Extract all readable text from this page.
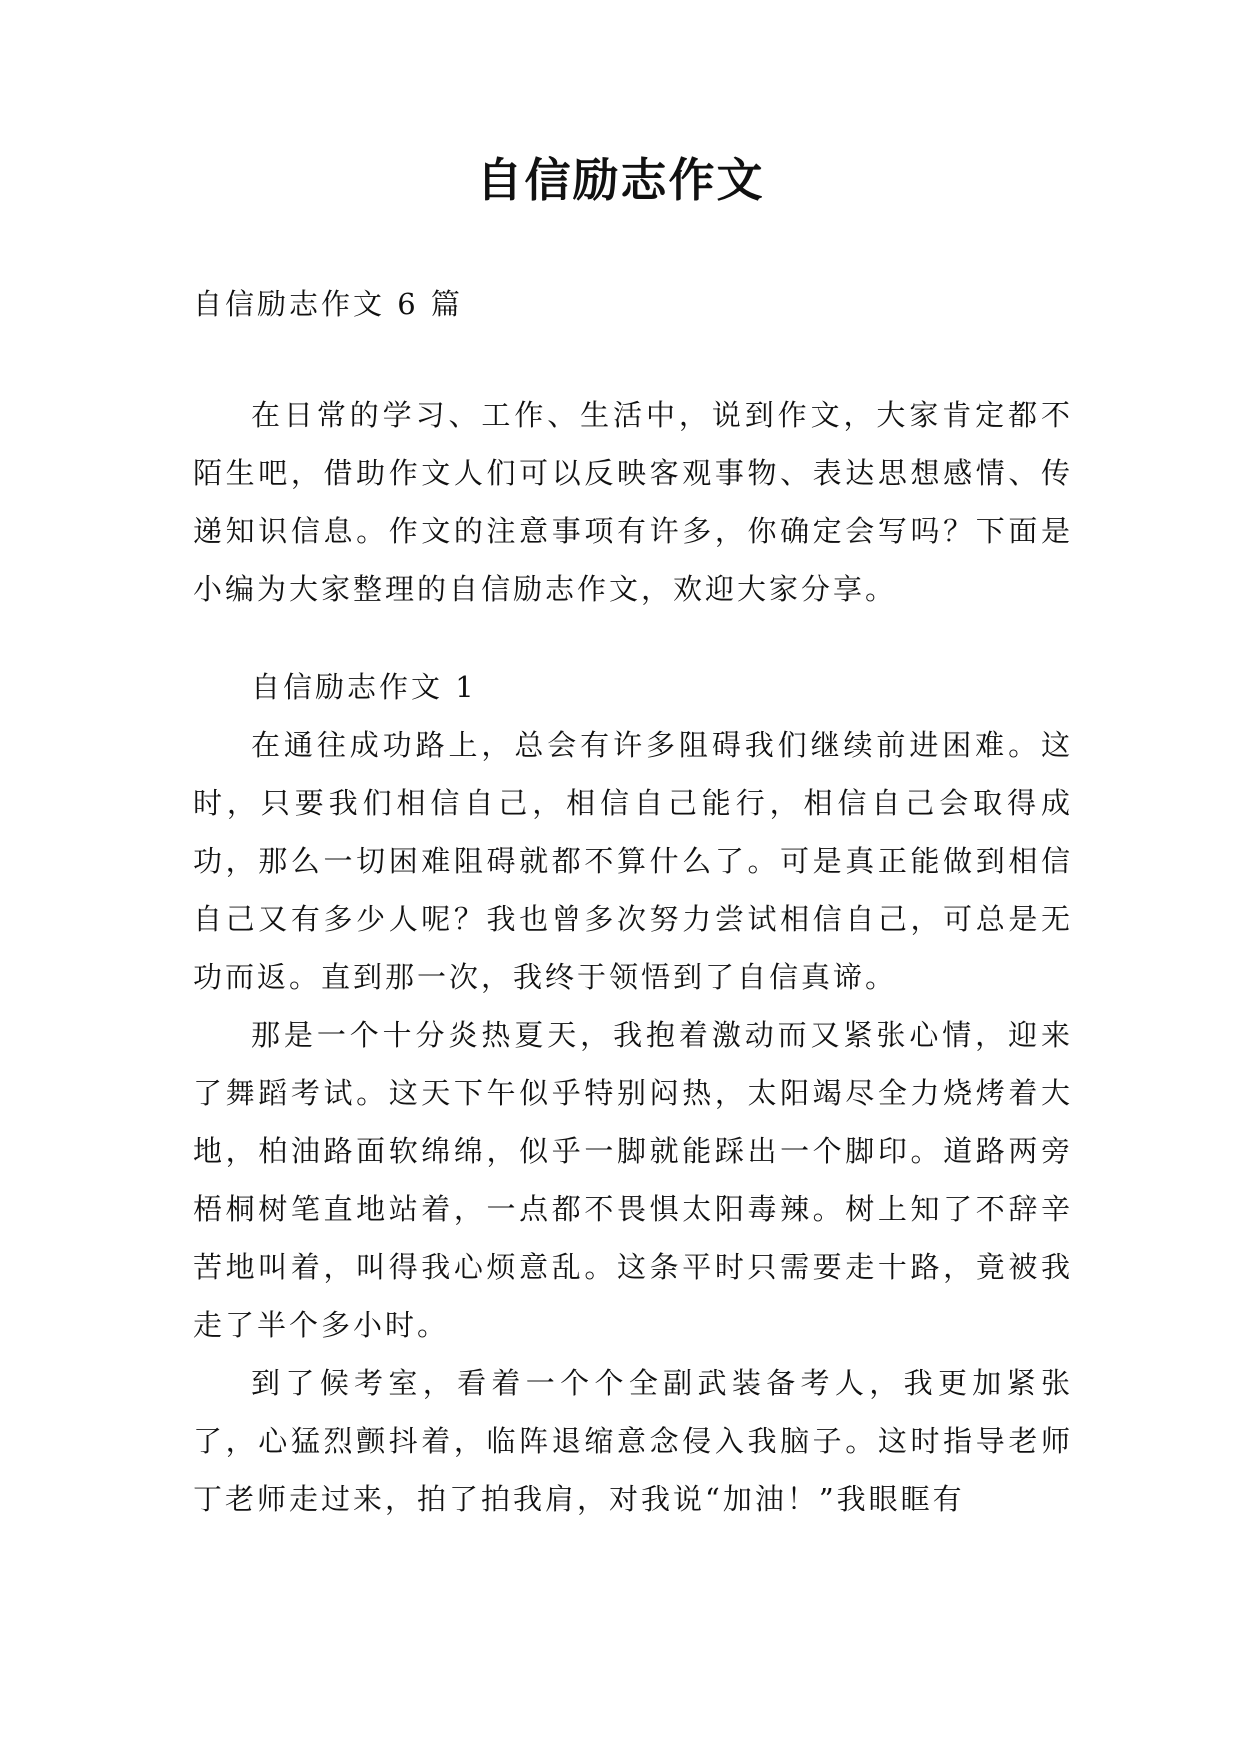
自信励志作文

自信励志作文 6 篇

在日常的学习、工作、生活中，说到作文，大家肯定都不陌生吧，借助作文人们可以反映客观事物、表达思想感情、传递知识信息。作文的注意事项有许多，你确定会写吗？下面是小编为大家整理的自信励志作文，欢迎大家分享。

自信励志作文 1

在通往成功路上，总会有许多阻碍我们继续前进困难。这时，只要我们相信自己，相信自己能行，相信自己会取得成功，那么一切困难阻碍就都不算什么了。可是真正能做到相信自己又有多少人呢？我也曾多次努力尝试相信自己，可总是无功而返。直到那一次，我终于领悟到了自信真谛。

那是一个十分炎热夏天，我抱着激动而又紧张心情，迎来了舞蹈考试。这天下午似乎特别闷热，太阳竭尽全力烧烤着大地，柏油路面软绵绵，似乎一脚就能踩出一个脚印。道路两旁梧桐树笔直地站着，一点都不畏惧太阳毒辣。树上知了不辞辛苦地叫着，叫得我心烦意乱。这条平时只需要走十路，竟被我走了半个多小时。

到了候考室，看着一个个全副武装备考人，我更加紧张了，心猛烈颤抖着，临阵退缩意念侵入我脑子。这时指导老师丁老师走过来，拍了拍我肩，对我说“加油！”我眼眶有
